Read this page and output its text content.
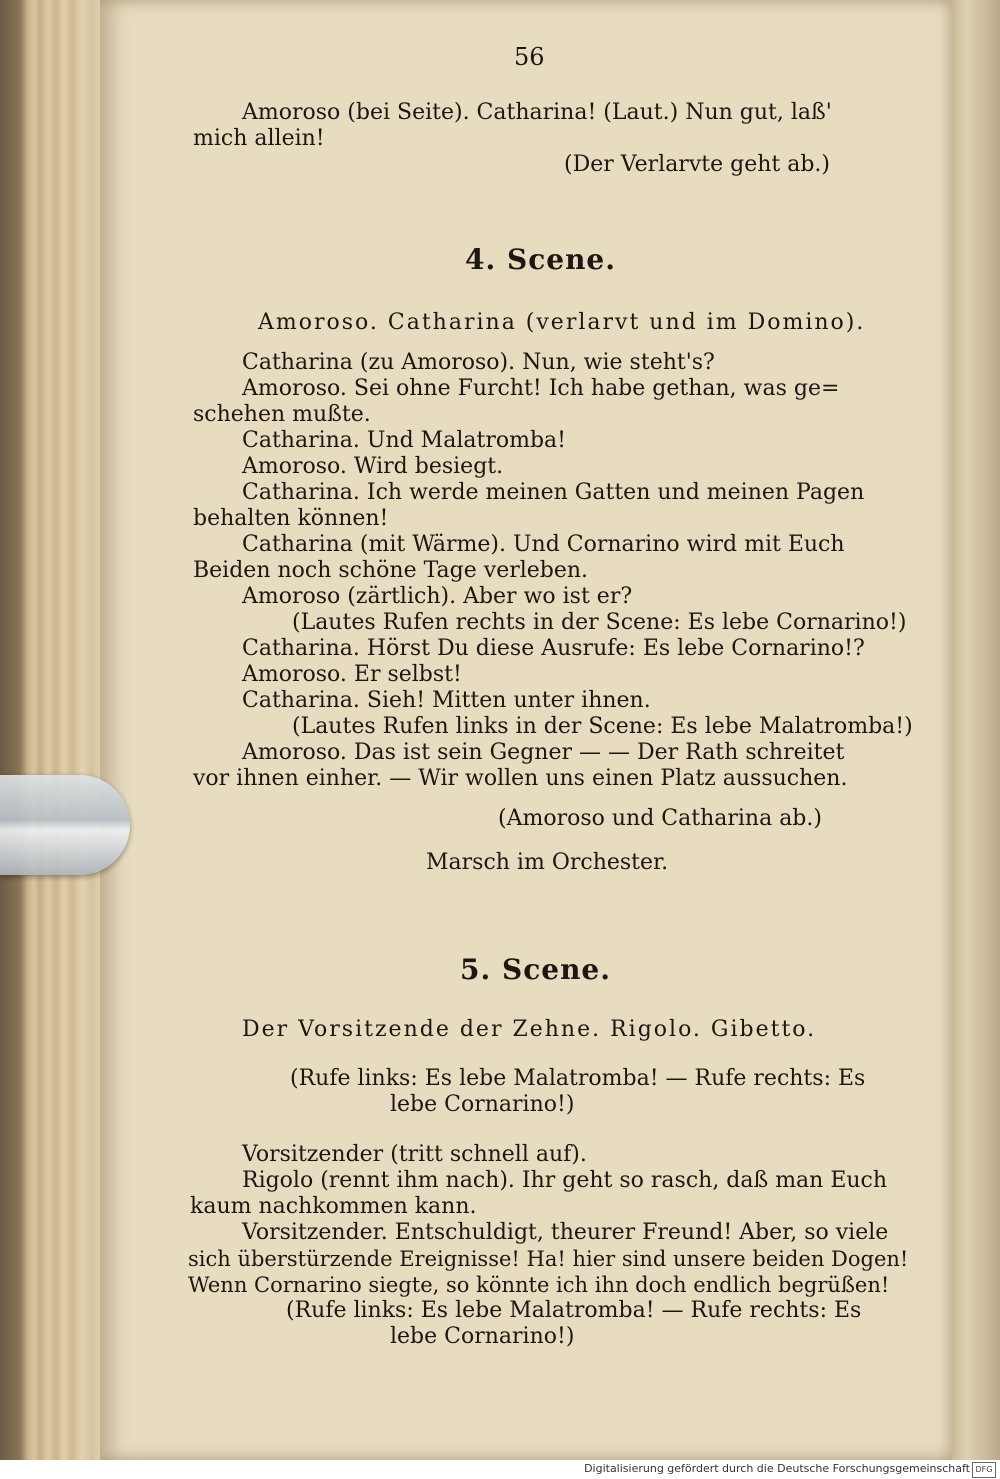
56
Amoroso (bei Seite). Catharina! (Laut.) Nun gut, laß'
mich allein!
(Der Verlarvte geht ab.)
4. Scene.
Amoroso. Catharina (verlarvt und im Domino).
Catharina (zu Amoroso). Nun, wie steht's?
Amoroso. Sei ohne Furcht! Ich habe gethan, was ge=
schehen mußte.
Catharina. Und Malatromba!
Amoroso. Wird besiegt.
Catharina. Ich werde meinen Gatten und meinen Pagen
behalten können!
Catharina (mit Wärme). Und Cornarino wird mit Euch
Beiden noch schöne Tage verleben.
Amoroso (zärtlich). Aber wo ist er?
(Lautes Rufen rechts in der Scene: Es lebe Cornarino!)
Catharina. Hörst Du diese Ausrufe: Es lebe Cornarino!?
Amoroso. Er selbst!
Catharina. Sieh! Mitten unter ihnen.
(Lautes Rufen links in der Scene: Es lebe Malatromba!)
Amoroso. Das ist sein Gegner — — Der Rath schreitet
vor ihnen einher. — Wir wollen uns einen Platz aussuchen.
(Amoroso und Catharina ab.)
Marsch im Orchester.
5. Scene.
Der Vorsitzende der Zehne. Rigolo. Gibetto.
(Rufe links: Es lebe Malatromba! — Rufe rechts: Es
lebe Cornarino!)
Vorsitzender (tritt schnell auf).
Rigolo (rennt ihm nach). Ihr geht so rasch, daß man Euch
kaum nachkommen kann.
Vorsitzender. Entschuldigt, theurer Freund! Aber, so viele
sich überstürzende Ereignisse! Ha! hier sind unsere beiden Dogen!
Wenn Cornarino siegte, so könnte ich ihn doch endlich begrüßen!
(Rufe links: Es lebe Malatromba! — Rufe rechts: Es
lebe Cornarino!)
Digitalisierung gefördert durch die Deutsche Forschungsgemeinschaft DFG
